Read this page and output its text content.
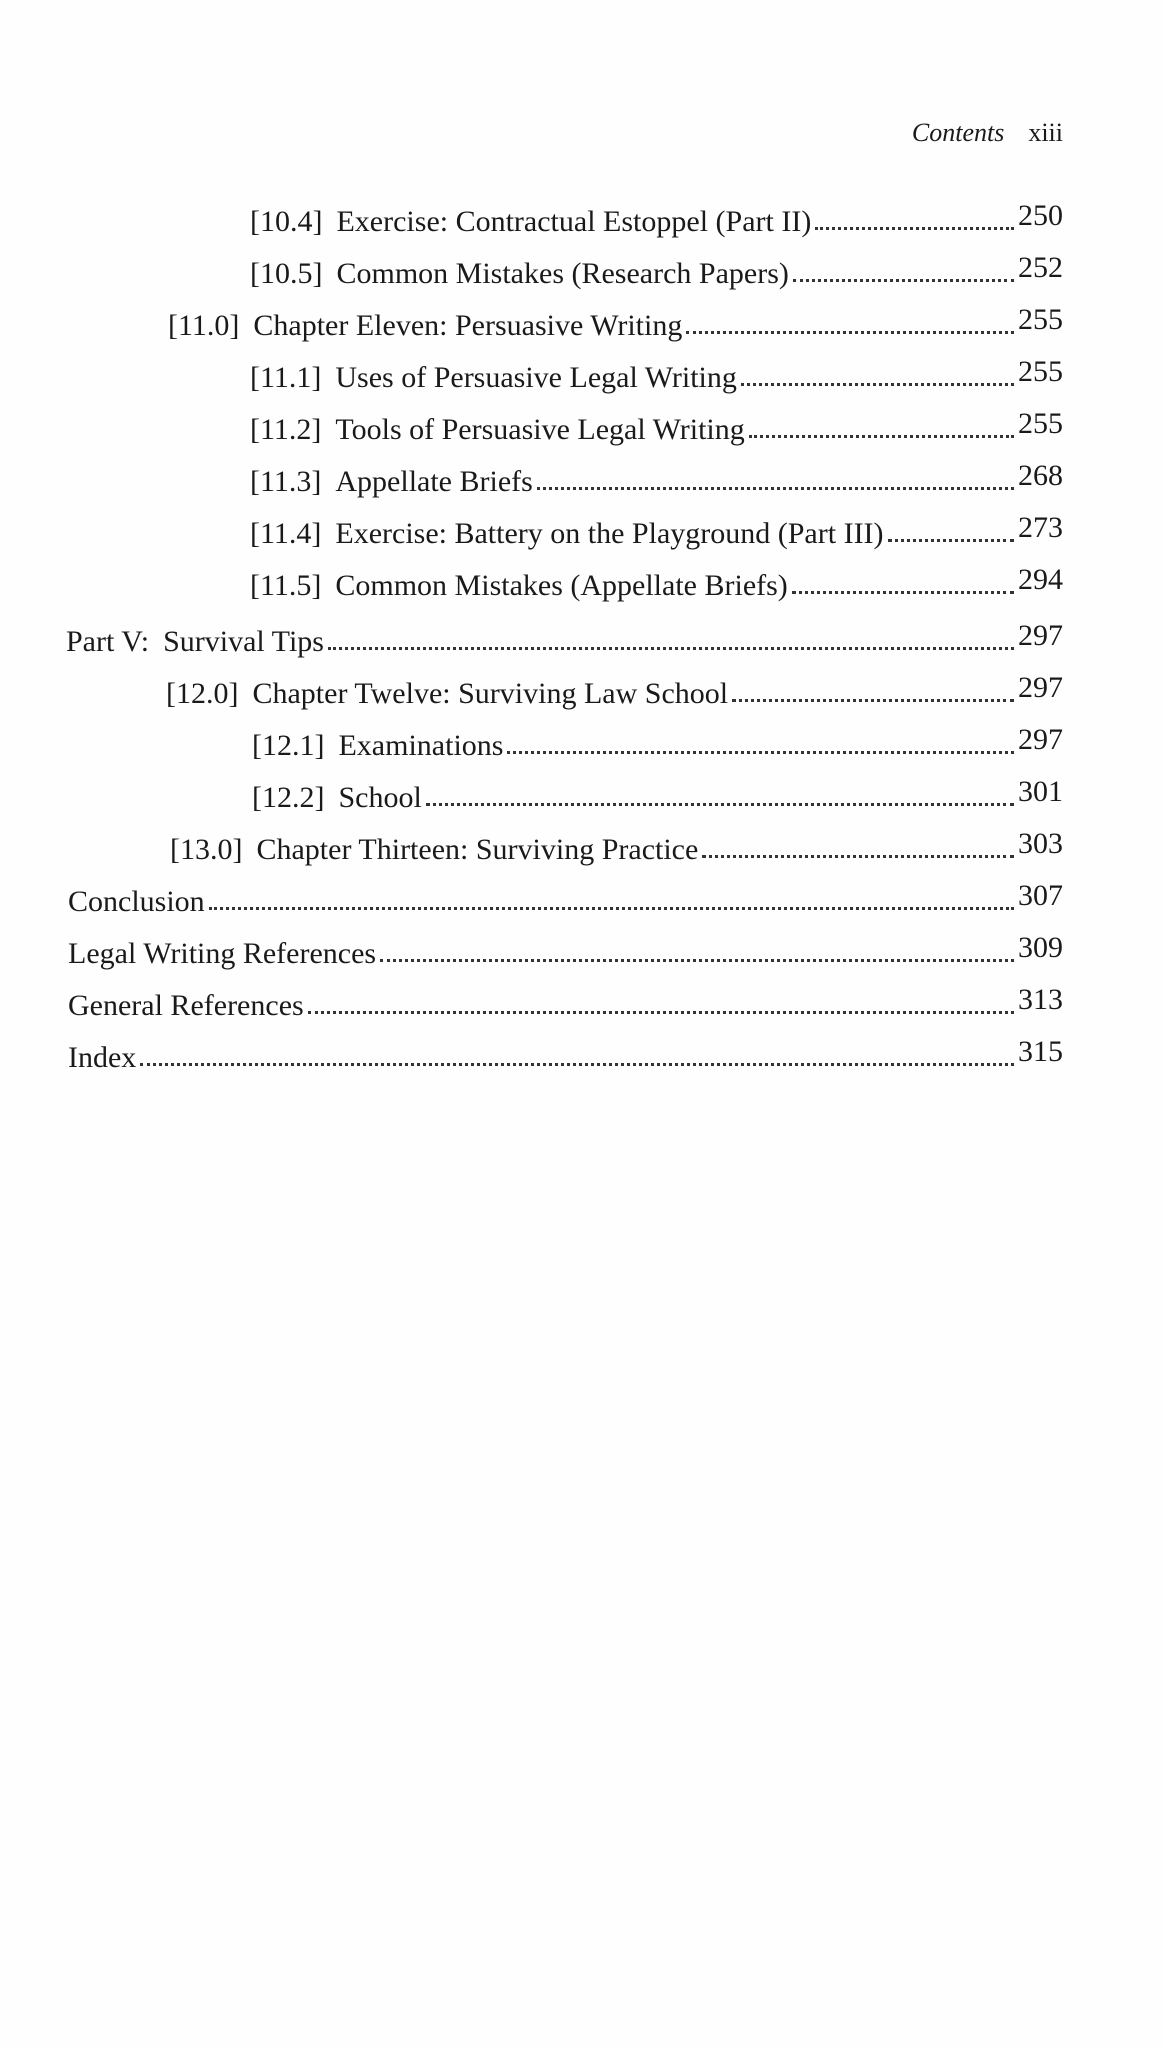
Contents xiii
[10.4] Exercise: Contractual Estoppel (Part II)	250
[10.5] Common Mistakes (Research Papers)	252
[11.0] Chapter Eleven: Persuasive Writing	255
[11.1] Uses of Persuasive Legal Writing	255
[11.2] Tools of Persuasive Legal Writing	255
[11.3] Appellate Briefs	268
[11.4] Exercise: Battery on the Playground (Part III)	273
[11.5] Common Mistakes (Appellate Briefs)	294
Part V: Survival Tips	297
[12.0] Chapter Twelve: Surviving Law School	297
[12.1] Examinations	297
[12.2] School	301
[13.0] Chapter Thirteen: Surviving Practice	303
Conclusion	307
Legal Writing References	309
General References	313
Index	315
